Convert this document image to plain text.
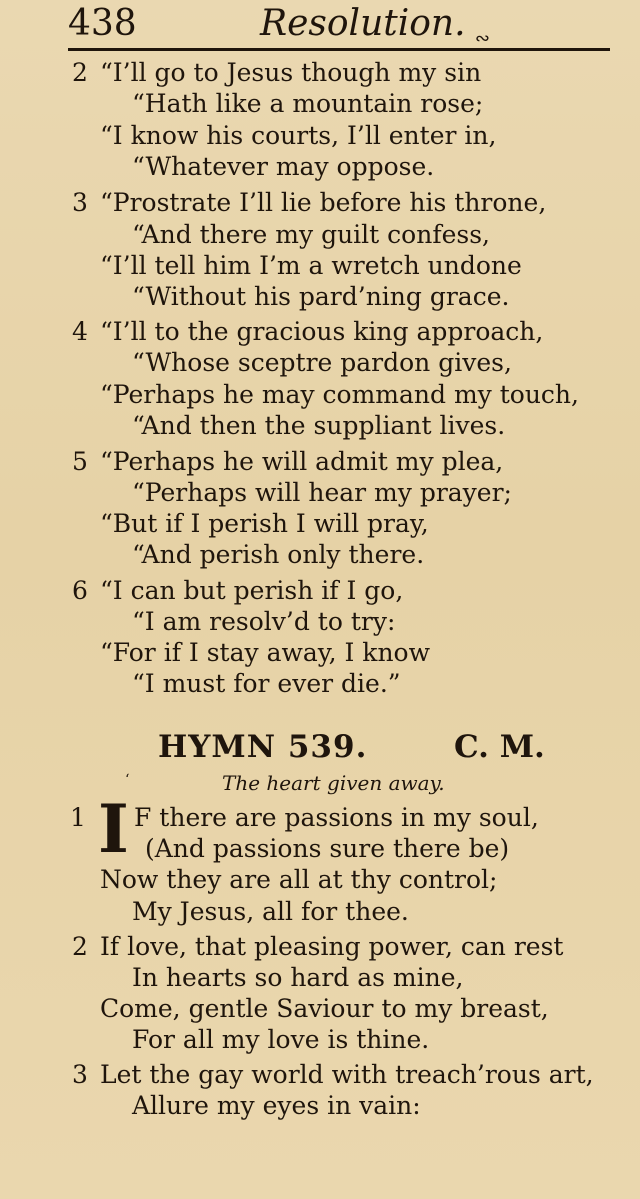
438	Resolution. ∾
2 “I’ll go to Jesus though my sin
“Hath like a mountain rose;
“I know his courts, I’ll enter in,
“Whatever may oppose.
3 “Prostrate I’ll lie before his throne,
“And there my guilt confess,
“I’ll tell him I’m a wretch undone
“Without his pard’ning grace.
4 “I’ll to the gracious king approach,
“Whose sceptre pardon gives,
“Perhaps he may command my touch,
“And then the suppliant lives.
5 “Perhaps he will admit my plea,
“Perhaps will hear my prayer;
“But if I perish I will pray,
“And perish only there.
6 “I can but perish if I go,
“I am resolv’d to try:
“For if I stay away, I know
“I must for ever die.”
HYMN 539.	C. M.
‘	The heart given away.
1 I F there are passions in my soul,
(And passions sure there be)
Now they are all at thy control;
My Jesus, all for thee.
2 If love, that pleasing power, can rest
In hearts so hard as mine,
Come, gentle Saviour to my breast,
For all my love is thine.
3 Let the gay world with treach’rous art,
Allure my eyes in vain:
